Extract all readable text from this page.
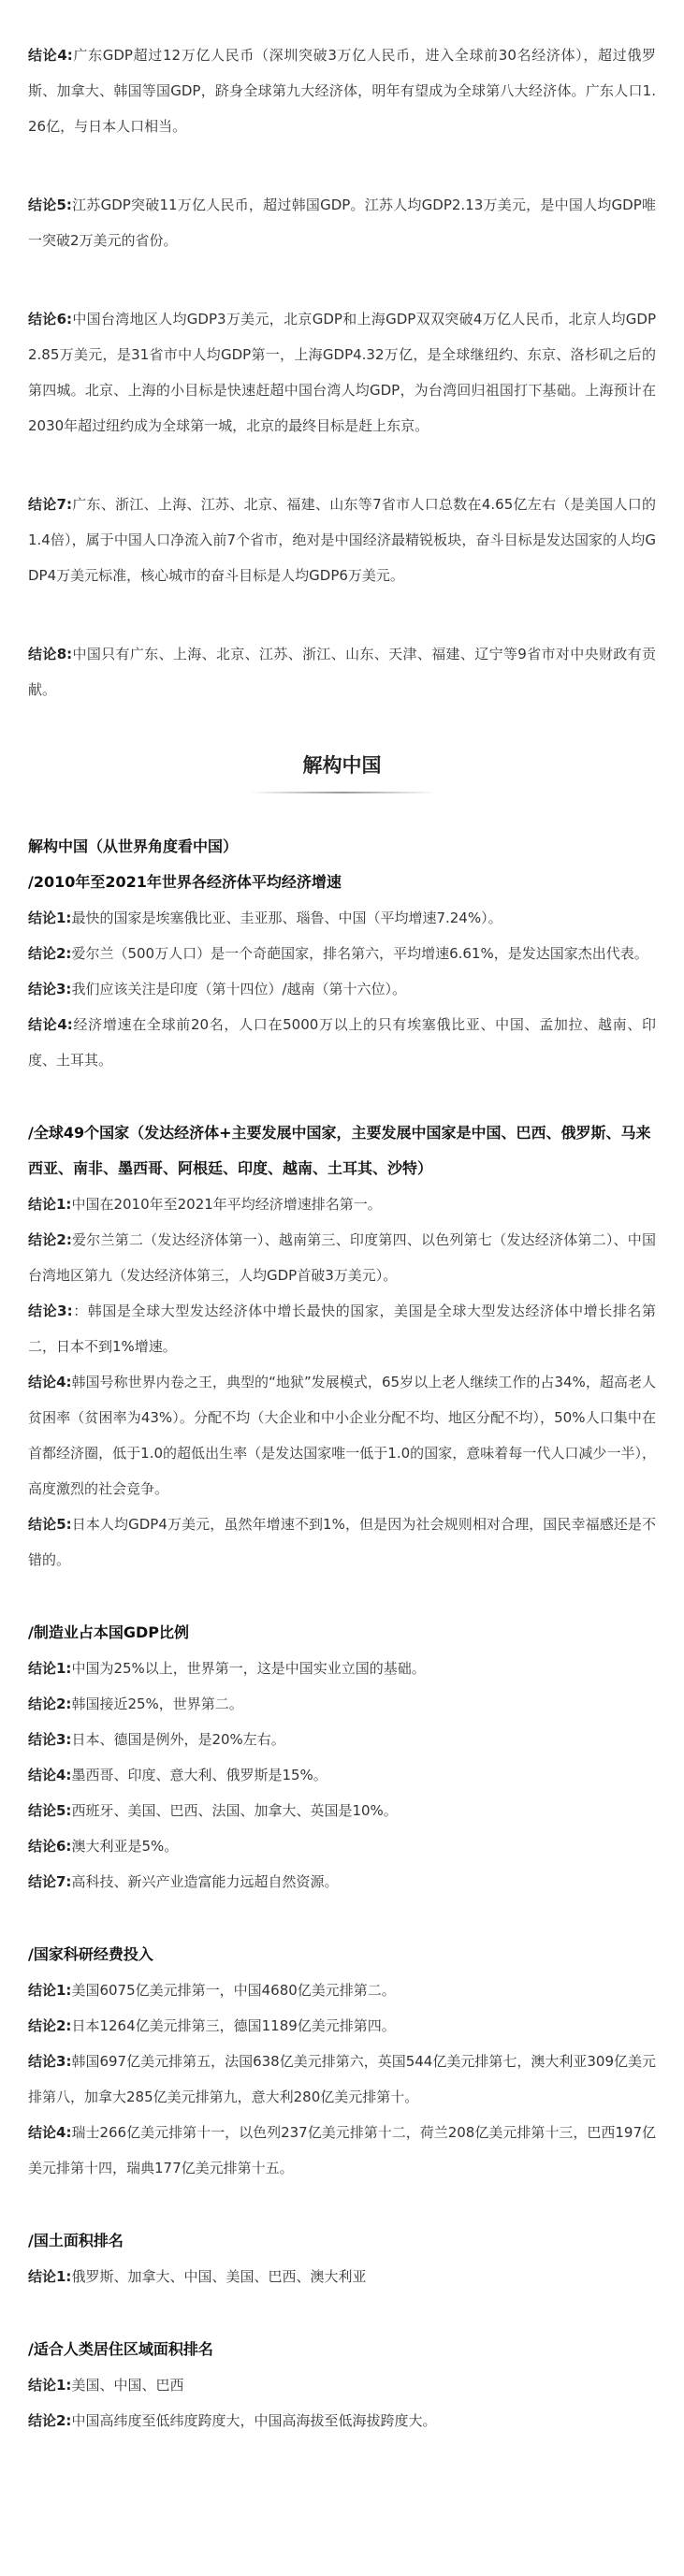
结论4:广东GDP超过12万亿人民币（深圳突破3万亿人民币，进入全球前30名经济体），超过俄罗斯、加拿大、韩国等国GDP，跻身全球第九大经济体，明年有望成为全球第八大经济体。广东人口1.26亿，与日本人口相当。

结论5:江苏GDP突破11万亿人民币，超过韩国GDP。江苏人均GDP2.13万美元，是中国人均GDP唯一突破2万美元的省份。

结论6:中国台湾地区人均GDP3万美元，北京GDP和上海GDP双双突破4万亿人民币，北京人均GDP2.85万美元，是31省市中人均GDP第一，上海GDP4.32万亿，是全球继纽约、东京、洛杉矶之后的第四城。北京、上海的小目标是快速赶超中国台湾人均GDP，为台湾回归祖国打下基础。上海预计在2030年超过纽约成为全球第一城，北京的最终目标是赶上东京。

结论7:广东、浙江、上海、江苏、北京、福建、山东等7省市人口总数在4.65亿左右（是美国人口的1.4倍），属于中国人口净流入前7个省市，绝对是中国经济最精锐板块，奋斗目标是发达国家的人均GDP4万美元标准，核心城市的奋斗目标是人均GDP6万美元。

结论8:中国只有广东、上海、北京、江苏、浙江、山东、天津、福建、辽宁等9省市对中央财政有贡献。

解构中国

解构中国（从世界角度看中国）

/2010年至2021年世界各经济体平均经济增速

结论1:最快的国家是埃塞俄比亚、圭亚那、瑙鲁、中国（平均增速7.24%）。

结论2:爱尔兰（500万人口）是一个奇葩国家，排名第六，平均增速6.61%，是发达国家杰出代表。

结论3:我们应该关注是印度（第十四位）/越南（第十六位）。

结论4:经济增速在全球前20名，人口在5000万以上的只有埃塞俄比亚、中国、孟加拉、越南、印度、土耳其。

/全球49个国家（发达经济体+主要发展中国家，主要发展中国家是中国、巴西、俄罗斯、马来西亚、南非、墨西哥、阿根廷、印度、越南、土耳其、沙特）

结论1:中国在2010年至2021年平均经济增速排名第一。

结论2:爱尔兰第二（发达经济体第一）、越南第三、印度第四、以色列第七（发达经济体第二）、中国台湾地区第九（发达经济体第三，人均GDP首破3万美元）。

结论3:：韩国是全球大型发达经济体中增长最快的国家，美国是全球大型发达经济体中增长排名第二，日本不到1%增速。

结论4:韩国号称世界内卷之王，典型的“地狱”发展模式，65岁以上老人继续工作的占34%，超高老人贫困率（贫困率为43%）。分配不均（大企业和中小企业分配不均、地区分配不均），50%人口集中在首都经济圈，低于1.0的超低出生率（是发达国家唯一低于1.0的国家，意味着每一代人口减少一半），高度激烈的社会竞争。

结论5:日本人均GDP4万美元，虽然年增速不到1%，但是因为社会规则相对合理，国民幸福感还是不错的。

/制造业占本国GDP比例

结论1:中国为25%以上，世界第一，这是中国实业立国的基础。

结论2:韩国接近25%，世界第二。

结论3:日本、德国是例外，是20%左右。

结论4:墨西哥、印度、意大利、俄罗斯是15%。

结论5:西班牙、美国、巴西、法国、加拿大、英国是10%。

结论6:澳大利亚是5%。

结论7:高科技、新兴产业造富能力远超自然资源。

/国家科研经费投入

结论1:美国6075亿美元排第一，中国4680亿美元排第二。

结论2:日本1264亿美元排第三，德国1189亿美元排第四。

结论3:韩国697亿美元排第五，法国638亿美元排第六，英国544亿美元排第七，澳大利亚309亿美元排第八，加拿大285亿美元排第九，意大利280亿美元排第十。

结论4:瑞士266亿美元排第十一，以色列237亿美元排第十二，荷兰208亿美元排第十三，巴西197亿美元排第十四，瑞典177亿美元排第十五。

/国土面积排名

结论1:俄罗斯、加拿大、中国、美国、巴西、澳大利亚

/适合人类居住区域面积排名

结论1:美国、中国、巴西

结论2:中国高纬度至低纬度跨度大，中国高海拔至低海拔跨度大。
